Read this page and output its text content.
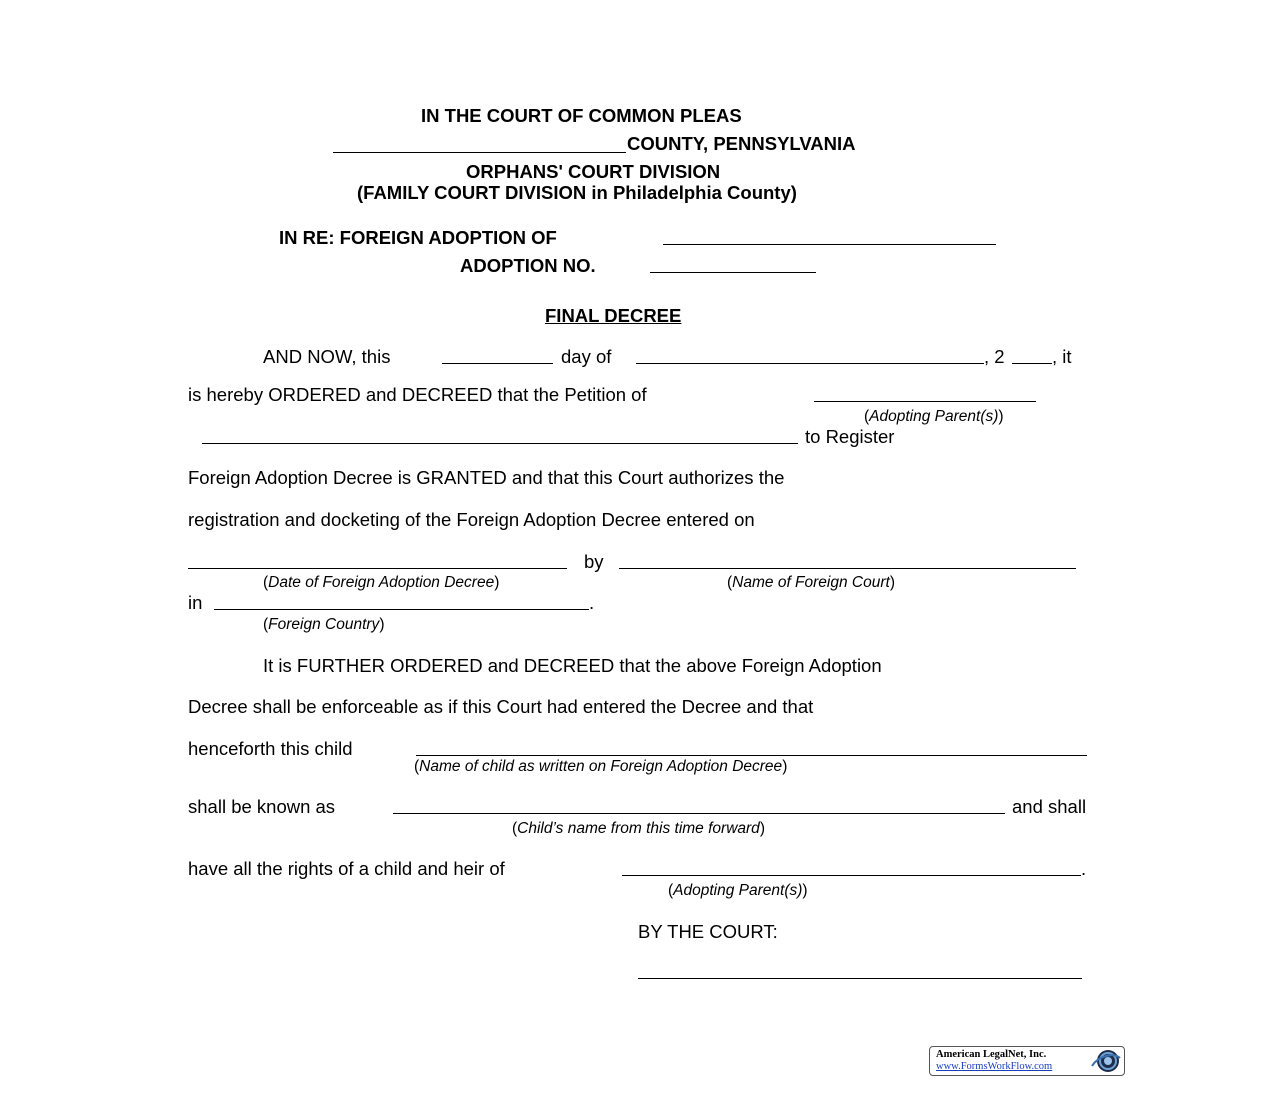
IN THE COURT OF COMMON PLEAS
COUNTY, PENNSYLVANIA
ORPHANS' COURT DIVISION
(FAMILY COURT DIVISION in Philadelphia County)
IN RE: FOREIGN ADOPTION OF
ADOPTION NO.
FINAL DECREE
AND NOW, this	day of	, 2	, it
is hereby ORDERED and DECREED that the Petition of
(Adopting Parent(s))
to Register
Foreign Adoption Decree is GRANTED and that this Court authorizes the
registration and docketing of the Foreign Adoption Decree entered on
by
(Date of Foreign Adoption Decree)	(Name of Foreign Court)
in	.
(Foreign Country)
It is FURTHER ORDERED and DECREED that the above Foreign Adoption
Decree shall be enforceable as if this Court had entered the Decree and that
henceforth this child
(Name of child as written on Foreign Adoption Decree)
shall be known as	and shall
(Child’s name from this time forward)
have all the rights of a child and heir of	.
(Adopting Parent(s))
BY THE COURT:
American LegalNet, Inc.
www.FormsWorkFlow.com
